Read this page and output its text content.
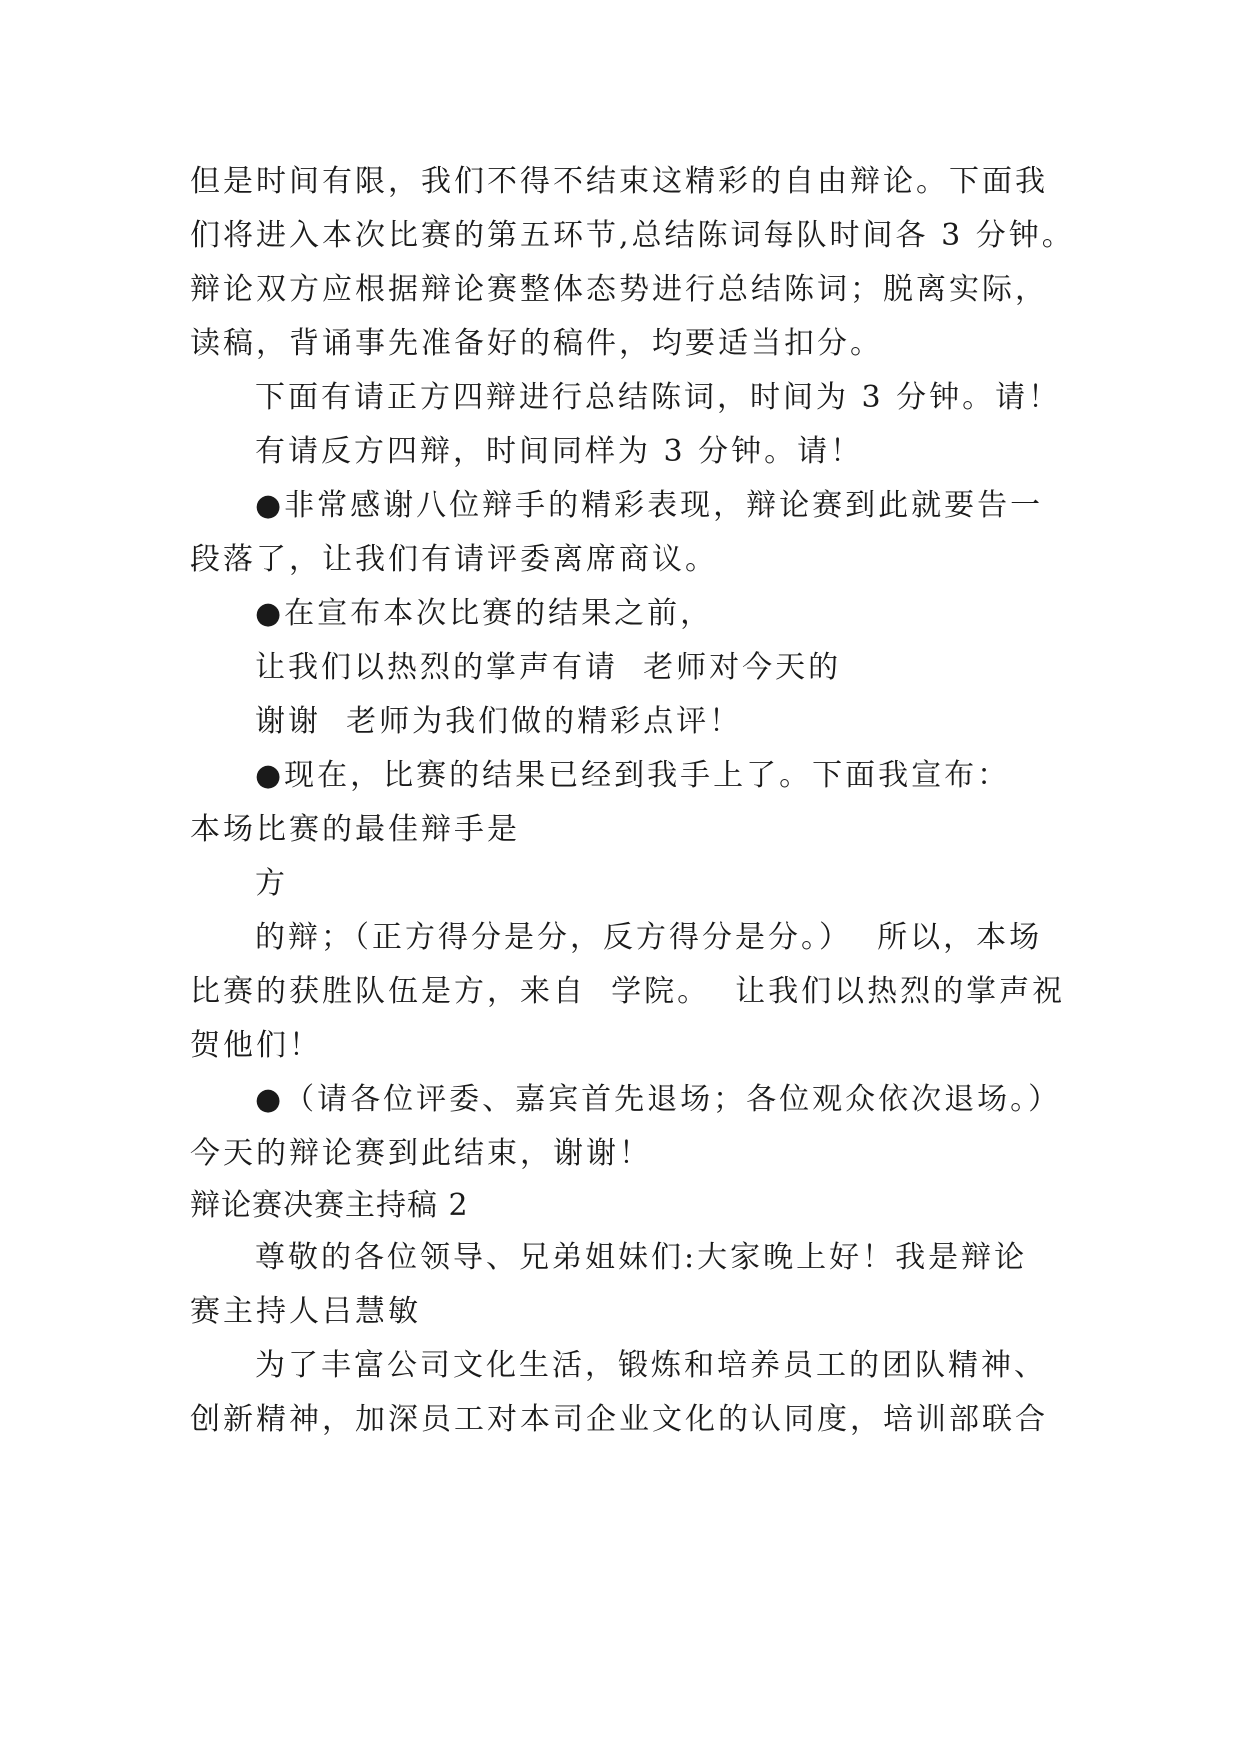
但是时间有限，我们不得不结束这精彩的自由辩论。下面我
们将进入本次比赛的第五环节,总结陈词每队时间各 3 分钟。
辩论双方应根据辩论赛整体态势进行总结陈词；脱离实际，
读稿，背诵事先准备好的稿件，均要适当扣分。
下面有请正方四辩进行总结陈词，时间为 3 分钟。请！
有请反方四辩，时间同样为 3 分钟。请！
●非常感谢八位辩手的精彩表现，辩论赛到此就要告一
段落了，让我们有请评委离席商议。
●在宣布本次比赛的结果之前，
让我们以热烈的掌声有请  老师对今天的
谢谢  老师为我们做的精彩点评！
●现在，比赛的结果已经到我手上了。下面我宣布：
本场比赛的最佳辩手是
方
的辩；（正方得分是分，反方得分是分。）  所以，本场
比赛的获胜队伍是方，来自  学院。  让我们以热烈的掌声祝
贺他们！
●（请各位评委、嘉宾首先退场；各位观众依次退场。）
今天的辩论赛到此结束，谢谢！
辩论赛决赛主持稿 2
尊敬的各位领导、兄弟姐妹们:大家晚上好！我是辩论
赛主持人吕慧敏
为了丰富公司文化生活，锻炼和培养员工的团队精神、
创新精神，加深员工对本司企业文化的认同度，培训部联合
